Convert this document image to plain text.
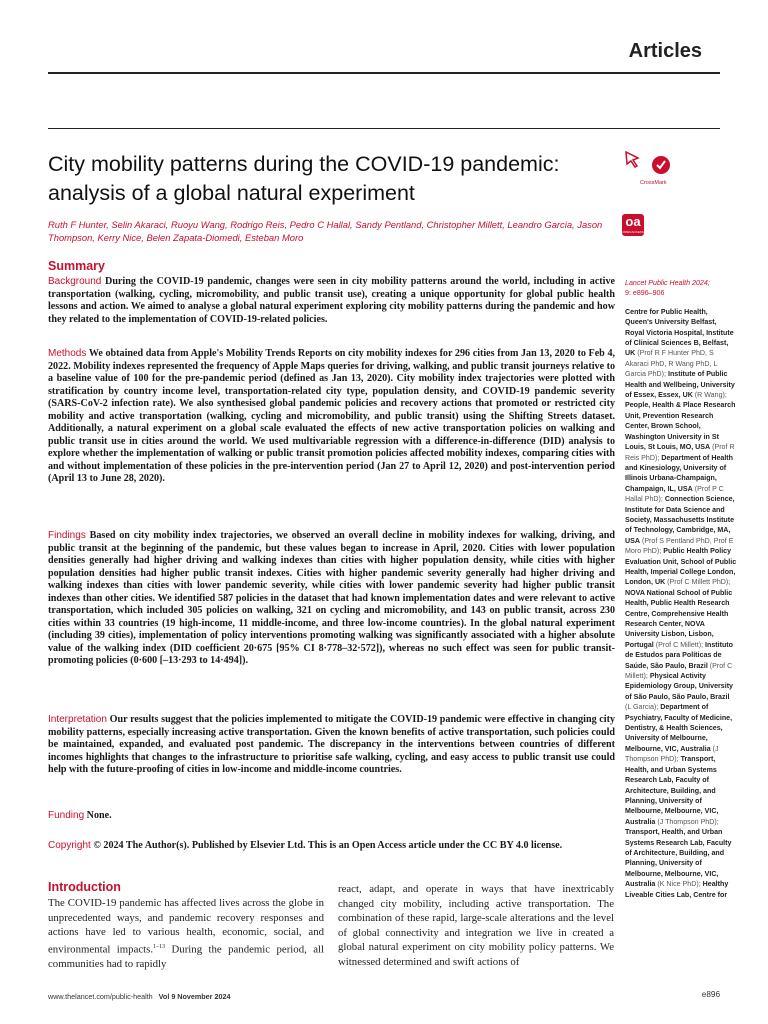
Articles
City mobility patterns during the COVID-19 pandemic: analysis of a global natural experiment	CrossMark
oa
OPEN ACCESS
Ruth F Hunter, Selin Akaraci, Ruoyu Wang, Rodrigo Reis, Pedro C Hallal, Sandy Pentland, Christopher Millett, Leandro Garcia, Jason Thompson, Kerry Nice, Belen Zapata-Diomedi, Esteban Moro
Summary

Background During the COVID-19 pandemic, changes were seen in city mobility patterns around the world, including in active transportation (walking, cycling, micromobility, and public transit use), creating a unique opportunity for global public health lessons and action. We aimed to analyse a global natural experiment exploring city mobility patterns during the pandemic and how they related to the implementation of COVID-19-related policies.

Methods We obtained data from Apple's Mobility Trends Reports on city mobility indexes for 296 cities from Jan 13, 2020 to Feb 4, 2022. Mobility indexes represented the frequency of Apple Maps queries for driving, walking, and public transit journeys relative to a baseline value of 100 for the pre-pandemic period (defined as Jan 13, 2020). City mobility index trajectories were plotted with stratification by country income level, transportation-related city type, population density, and COVID-19 pandemic severity (SARS-CoV-2 infection rate). We also synthesised global pandemic policies and recovery actions that promoted or restricted city mobility and active transportation (walking, cycling and micromobility, and public transit) using the Shifting Streets dataset. Additionally, a natural experiment on a global scale evaluated the effects of new active transportation policies on walking and public transit use in cities around the world. We used multivariable regression with a difference-in-difference (DID) analysis to explore whether the implementation of walking or public transit promotion policies affected mobility indexes, comparing cities with and without implementation of these policies in the pre-intervention period (Jan 27 to April 12, 2020) and post-intervention period (April 13 to June 28, 2020).

Findings Based on city mobility index trajectories, we observed an overall decline in mobility indexes for walking, driving, and public transit at the beginning of the pandemic, but these values began to increase in April, 2020. Cities with lower population densities generally had higher driving and walking indexes than cities with higher population density, while cities with higher population densities had higher public transit indexes. Cities with higher pandemic severity generally had higher driving and walking indexes than cities with lower pandemic severity, while cities with lower pandemic severity had higher public transit indexes than other cities. We identified 587 policies in the dataset that had known implementation dates and were relevant to active transportation, which included 305 policies on walking, 321 on cycling and micromobility, and 143 on public transit, across 230 cities within 33 countries (19 high-income, 11 middle-income, and three low-income countries). In the global natural experiment (including 39 cities), implementation of policy interventions promoting walking was significantly associated with a higher absolute value of the walking index (DID coefficient 20·675 [95% CI 8·778–32·572]), whereas no such effect was seen for public transit-promoting policies (0·600 [–13·293 to 14·494]).

Interpretation Our results suggest that the policies implemented to mitigate the COVID-19 pandemic were effective in changing city mobility patterns, especially increasing active transportation. Given the known benefits of active transportation, such policies could be maintained, expanded, and evaluated post pandemic. The discrepancy in the interventions between countries of different incomes highlights that changes to the infrastructure to prioritise safe walking, cycling, and easy access to public transit use could help with the future-proofing of cities in low-income and middle-income countries.

Funding None.

Copyright © 2024 The Author(s). Published by Elsevier Ltd. This is an Open Access article under the CC BY 4.0 license.

Lancet Public Health 2024;
9: e896–906
Centre for Public Health, Queen's University Belfast, Royal Victoria Hospital, Institute of Clinical Sciences B, Belfast, UK (Prof R F Hunter PhD, S Akaraci PhD, R Wang PhD, L Garcia PhD); Institute of Public Health and Wellbeing, University of Essex, Essex, UK (R Wang); People, Health & Place Research Unit, Prevention Research Center, Brown School, Washington University in St Louis, St Louis, MO, USA (Prof R Reis PhD); Department of Health and Kinesiology, University of Illinois Urbana-Champaign, Champaign, IL, USA (Prof P C Hallal PhD); Connection Science, Institute for Data Science and Society, Massachusetts Institute of Technology, Cambridge, MA, USA (Prof S Pentland PhD, Prof E Moro PhD); Public Health Policy Evaluation Unit, School of Public Health, Imperial College London, London, UK (Prof C Millett PhD); NOVA National School of Public Health, Public Health Research Centre, Comprehensive Health Research Center, NOVA University Lisbon, Lisbon, Portugal (Prof C Millett); Instituto de Estudos para Políticas de Saúde, São Paulo, Brazil (Prof C Millett); Physical Activity Epidemiology Group, University of São Paulo, São Paulo, Brazil (L Garcia); Department of Psychiatry, Faculty of Medicine, Dentistry, & Health Sciences, University of Melbourne, Melbourne, VIC, Australia (J Thompson PhD); Transport, Health, and Urban Systems Research Lab, Faculty of Architecture, Building, and Planning, University of Melbourne, Melbourne, VIC, Australia (J Thompson PhD); Transport, Health, and Urban Systems Research Lab, Faculty of Architecture, Building, and Planning, University of Melbourne, Melbourne, VIC, Australia (K Nice PhD); Healthy Liveable Cities Lab, Centre for
Introduction

The COVID-19 pandemic has affected lives across the globe in unprecedented ways, and pandemic recovery responses and actions have led to various health, economic, social, and environmental impacts.$^{1-13}$ During the pandemic period, all communities had to rapidly

react, adapt, and operate in ways that have inextricably changed city mobility, including active transportation. The combination of these rapid, large-scale alterations and the level of global connectivity and integration we live in created a global natural experiment on city mobility policy patterns. We witnessed determined and swift actions of

www.thelancet.com/public-health Vol 9 November 2024	e896
